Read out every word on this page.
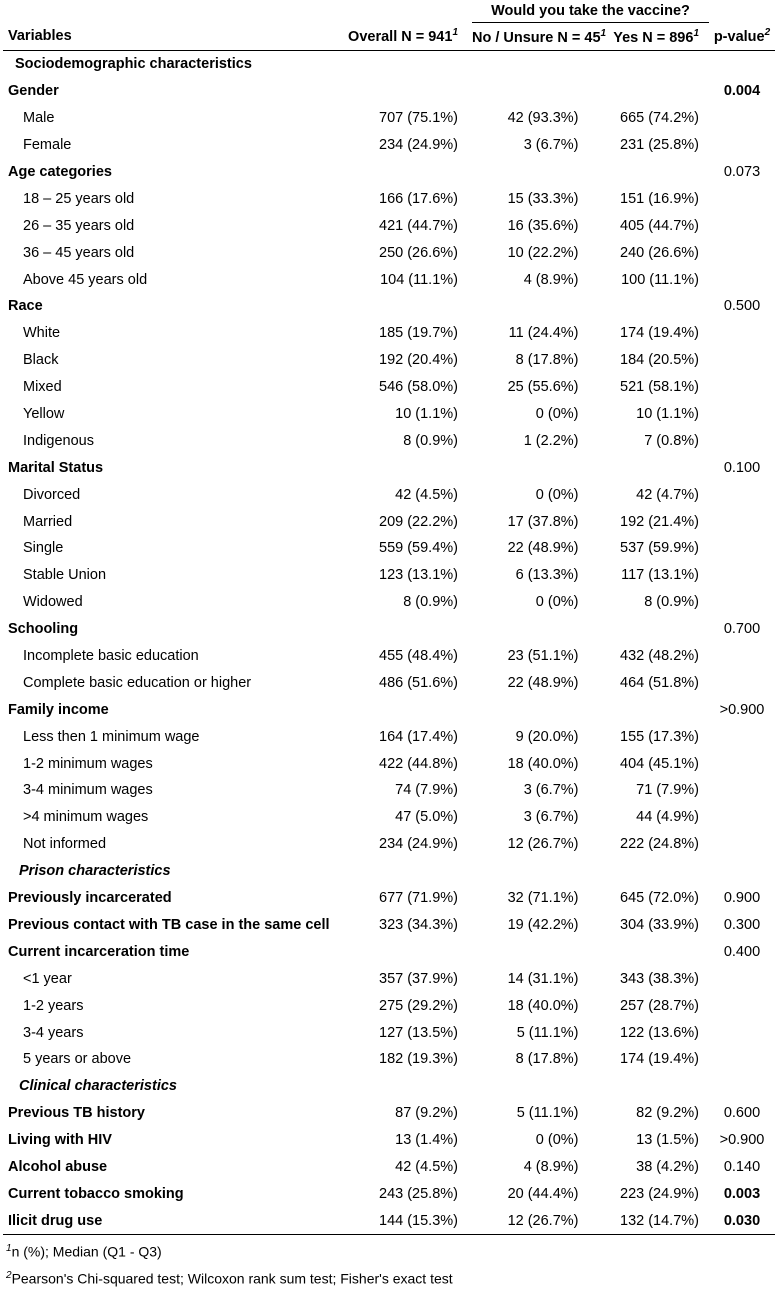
		Would you take the vaccine?		
Variables	Overall $N = 941^1$	No / Unsure $N = 45^1$	Yes $N = 896^1$	p-value$^2$
Sociodemographic characteristics				
Gender				0.004
Male	707 (75.1%)	42 (93.3%)	665 (74.2%)	
Female	234 (24.9%)	3 (6.7%)	231 (25.8%)	
Age categories				0.073
18 – 25 years old	166 (17.6%)	15 (33.3%)	151 (16.9%)	
26 – 35 years old	421 (44.7%)	16 (35.6%)	405 (44.7%)	
36 – 45 years old	250 (26.6%)	10 (22.2%)	240 (26.6%)	
Above 45 years old	104 (11.1%)	4 (8.9%)	100 (11.1%)	
Race				0.500
White	185 (19.7%)	11 (24.4%)	174 (19.4%)	
Black	192 (20.4%)	8 (17.8%)	184 (20.5%)	
Mixed	546 (58.0%)	25 (55.6%)	521 (58.1%)	
Yellow	10 (1.1%)	0 (0%)	10 (1.1%)	
Indigenous	8 (0.9%)	1 (2.2%)	7 (0.8%)	
Marital Status				0.100
Divorced	42 (4.5%)	0 (0%)	42 (4.7%)	
Married	209 (22.2%)	17 (37.8%)	192 (21.4%)	
Single	559 (59.4%)	22 (48.9%)	537 (59.9%)	
Stable Union	123 (13.1%)	6 (13.3%)	117 (13.1%)	
Widowed	8 (0.9%)	0 (0%)	8 (0.9%)	
Schooling				0.700
Incomplete basic education	455 (48.4%)	23 (51.1%)	432 (48.2%)	
Complete basic education or higher	486 (51.6%)	22 (48.9%)	464 (51.8%)	
Family income				>0.900
Less then 1 minimum wage	164 (17.4%)	9 (20.0%)	155 (17.3%)	
1-2 minimum wages	422 (44.8%)	18 (40.0%)	404 (45.1%)	
3-4 minimum wages	74 (7.9%)	3 (6.7%)	71 (7.9%)	
>4 minimum wages	47 (5.0%)	3 (6.7%)	44 (4.9%)	
Not informed	234 (24.9%)	12 (26.7%)	222 (24.8%)	
Prison characteristics				
Previously incarcerated	677 (71.9%)	32 (71.1%)	645 (72.0%)	0.900
Previous contact with TB case in the same cell	323 (34.3%)	19 (42.2%)	304 (33.9%)	0.300
Current incarceration time				0.400
<1 year	357 (37.9%)	14 (31.1%)	343 (38.3%)	
1-2 years	275 (29.2%)	18 (40.0%)	257 (28.7%)	
3-4 years	127 (13.5%)	5 (11.1%)	122 (13.6%)	
5 years or above	182 (19.3%)	8 (17.8%)	174 (19.4%)	
Clinical characteristics				
Previous TB history	87 (9.2%)	5 (11.1%)	82 (9.2%)	0.600
Living with HIV	13 (1.4%)	0 (0%)	13 (1.5%)	>0.900
Alcohol abuse	42 (4.5%)	4 (8.9%)	38 (4.2%)	0.140
Current tobacco smoking	243 (25.8%)	20 (44.4%)	223 (24.9%)	0.003
Ilicit drug use	144 (15.3%)	12 (26.7%)	132 (14.7%)	0.030
$^1$n (%); Median (Q1 - Q3)
$^2$Pearson's Chi-squared test; Wilcoxon rank sum test; Fisher's exact test
